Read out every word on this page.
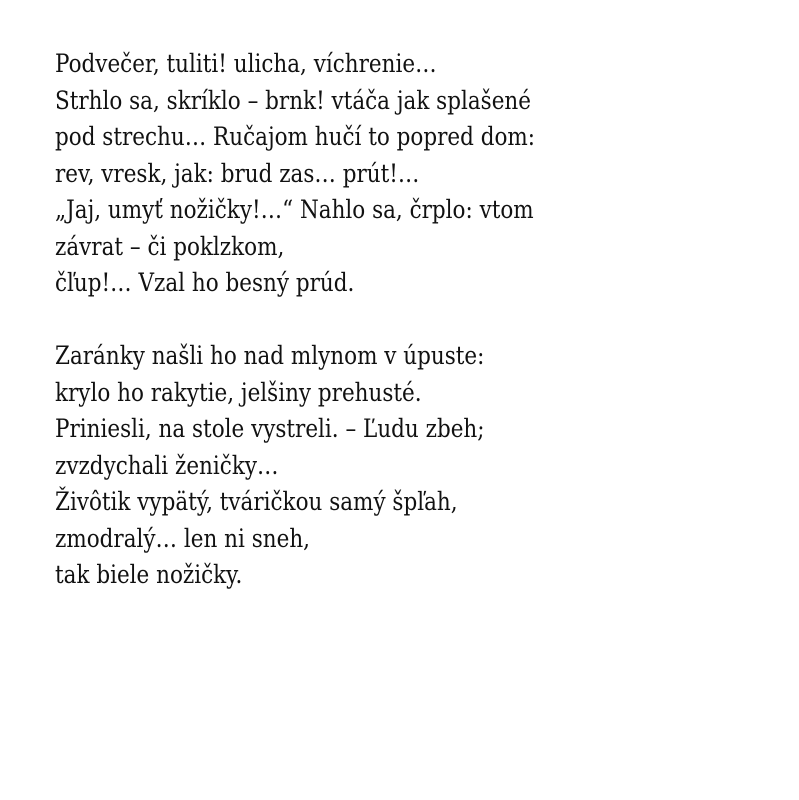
Podvečer, tuliti! ulicha, víchrenie…
Strhlo sa, skríklo – brnk! vtáča jak splašené
pod strechu… Ručajom hučí to popred dom:
rev, vresk, jak: brud zas… prút!…
„Jaj, umyť nožičky!…“ Nahlo sa, črplo: vtom
závrat – či poklzkom,
čľup!… Vzal ho besný prúd.
Zaránky našli ho nad mlynom v úpuste:
krylo ho rakytie, jelšiny prehusté.
Priniesli, na stole vystreli. – Ľudu zbeh;
zvzdychali ženičky…
Živôtik vypätý, tváričkou samý špľah,
zmodralý… len ni sneh,
tak biele nožičky.
